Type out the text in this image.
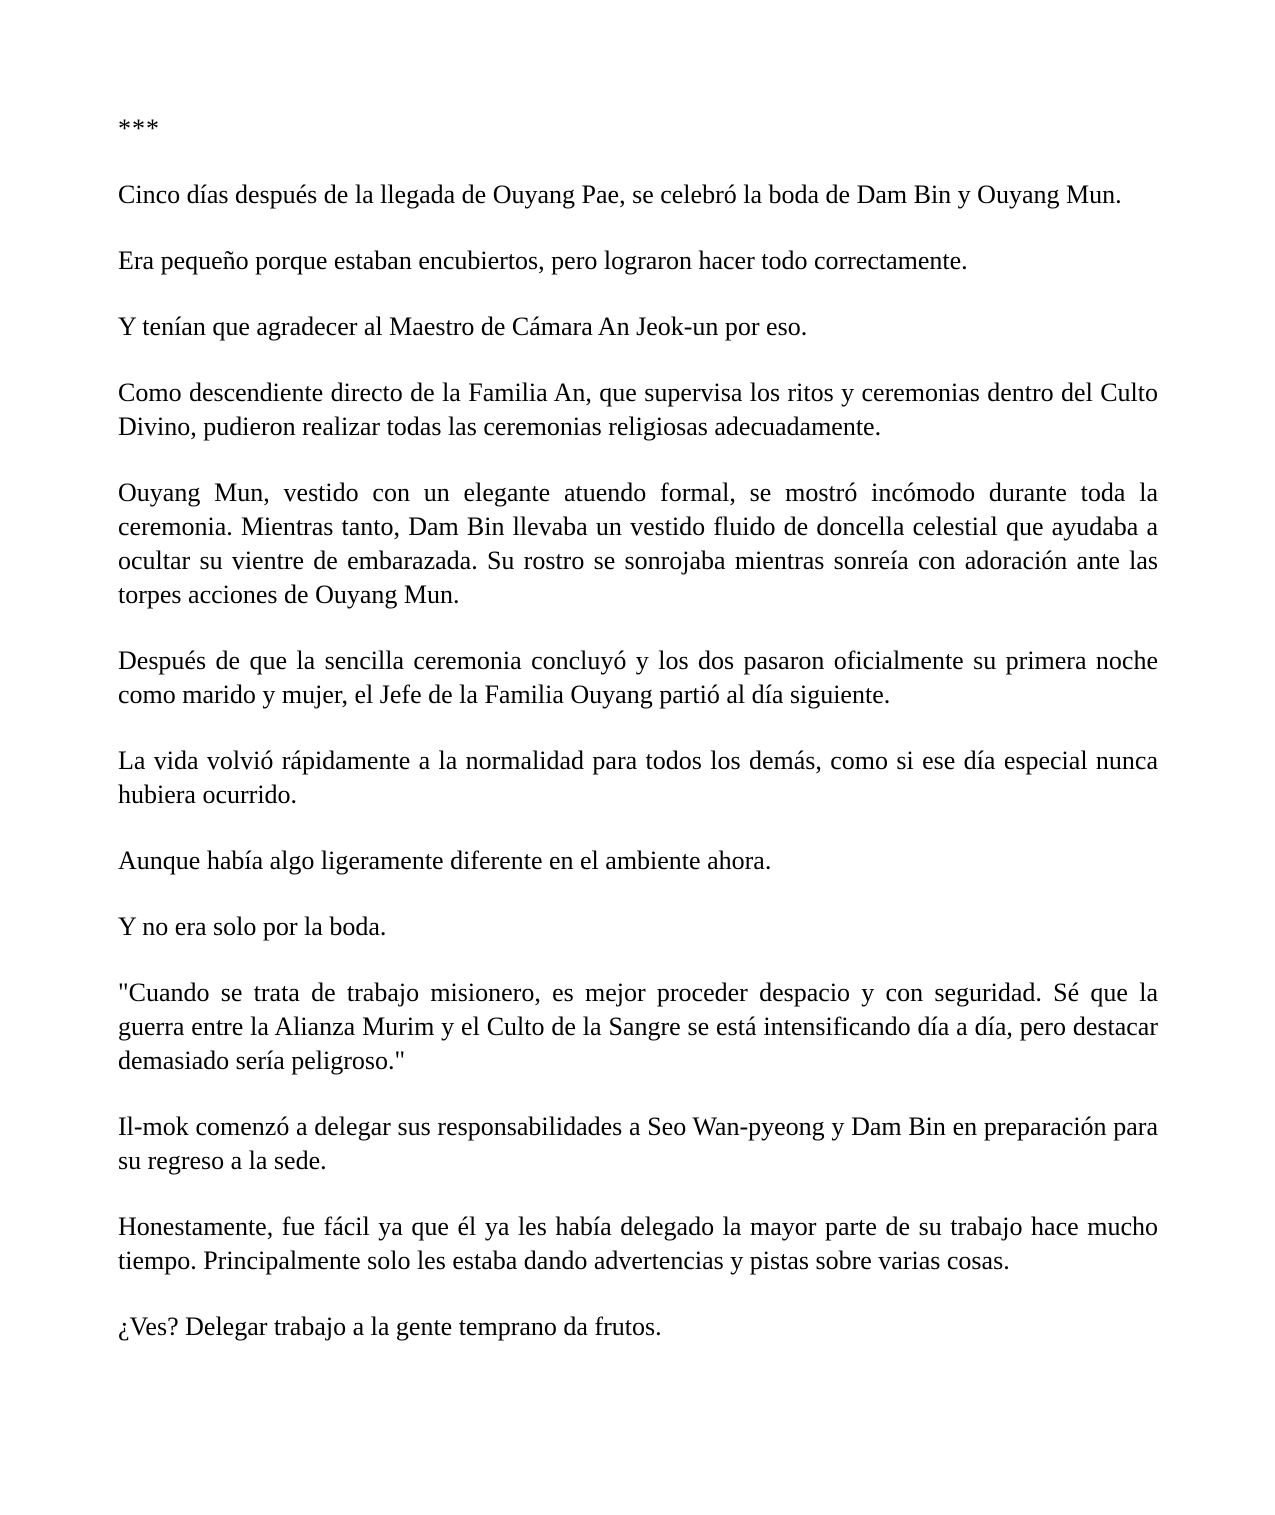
***

Cinco días después de la llegada de Ouyang Pae, se celebró la boda de Dam Bin y Ouyang Mun.

Era pequeño porque estaban encubiertos, pero lograron hacer todo correctamente.

Y tenían que agradecer al Maestro de Cámara An Jeok-un por eso.

Como descendiente directo de la Familia An, que supervisa los ritos y ceremonias dentro del Culto Divino, pudieron realizar todas las ceremonias religiosas adecuadamente.

Ouyang Mun, vestido con un elegante atuendo formal, se mostró incómodo durante toda la ceremonia. Mientras tanto, Dam Bin llevaba un vestido fluido de doncella celestial que ayudaba a ocultar su vientre de embarazada. Su rostro se sonrojaba mientras sonreía con adoración ante las torpes acciones de Ouyang Mun.

Después de que la sencilla ceremonia concluyó y los dos pasaron oficialmente su primera noche como marido y mujer, el Jefe de la Familia Ouyang partió al día siguiente.

La vida volvió rápidamente a la normalidad para todos los demás, como si ese día especial nunca hubiera ocurrido.

Aunque había algo ligeramente diferente en el ambiente ahora.

Y no era solo por la boda.

"Cuando se trata de trabajo misionero, es mejor proceder despacio y con seguridad. Sé que la guerra entre la Alianza Murim y el Culto de la Sangre se está intensificando día a día, pero destacar demasiado sería peligroso."

Il-mok comenzó a delegar sus responsabilidades a Seo Wan-pyeong y Dam Bin en preparación para su regreso a la sede.

Honestamente, fue fácil ya que él ya les había delegado la mayor parte de su trabajo hace mucho tiempo. Principalmente solo les estaba dando advertencias y pistas sobre varias cosas.

¿Ves? Delegar trabajo a la gente temprano da frutos.
